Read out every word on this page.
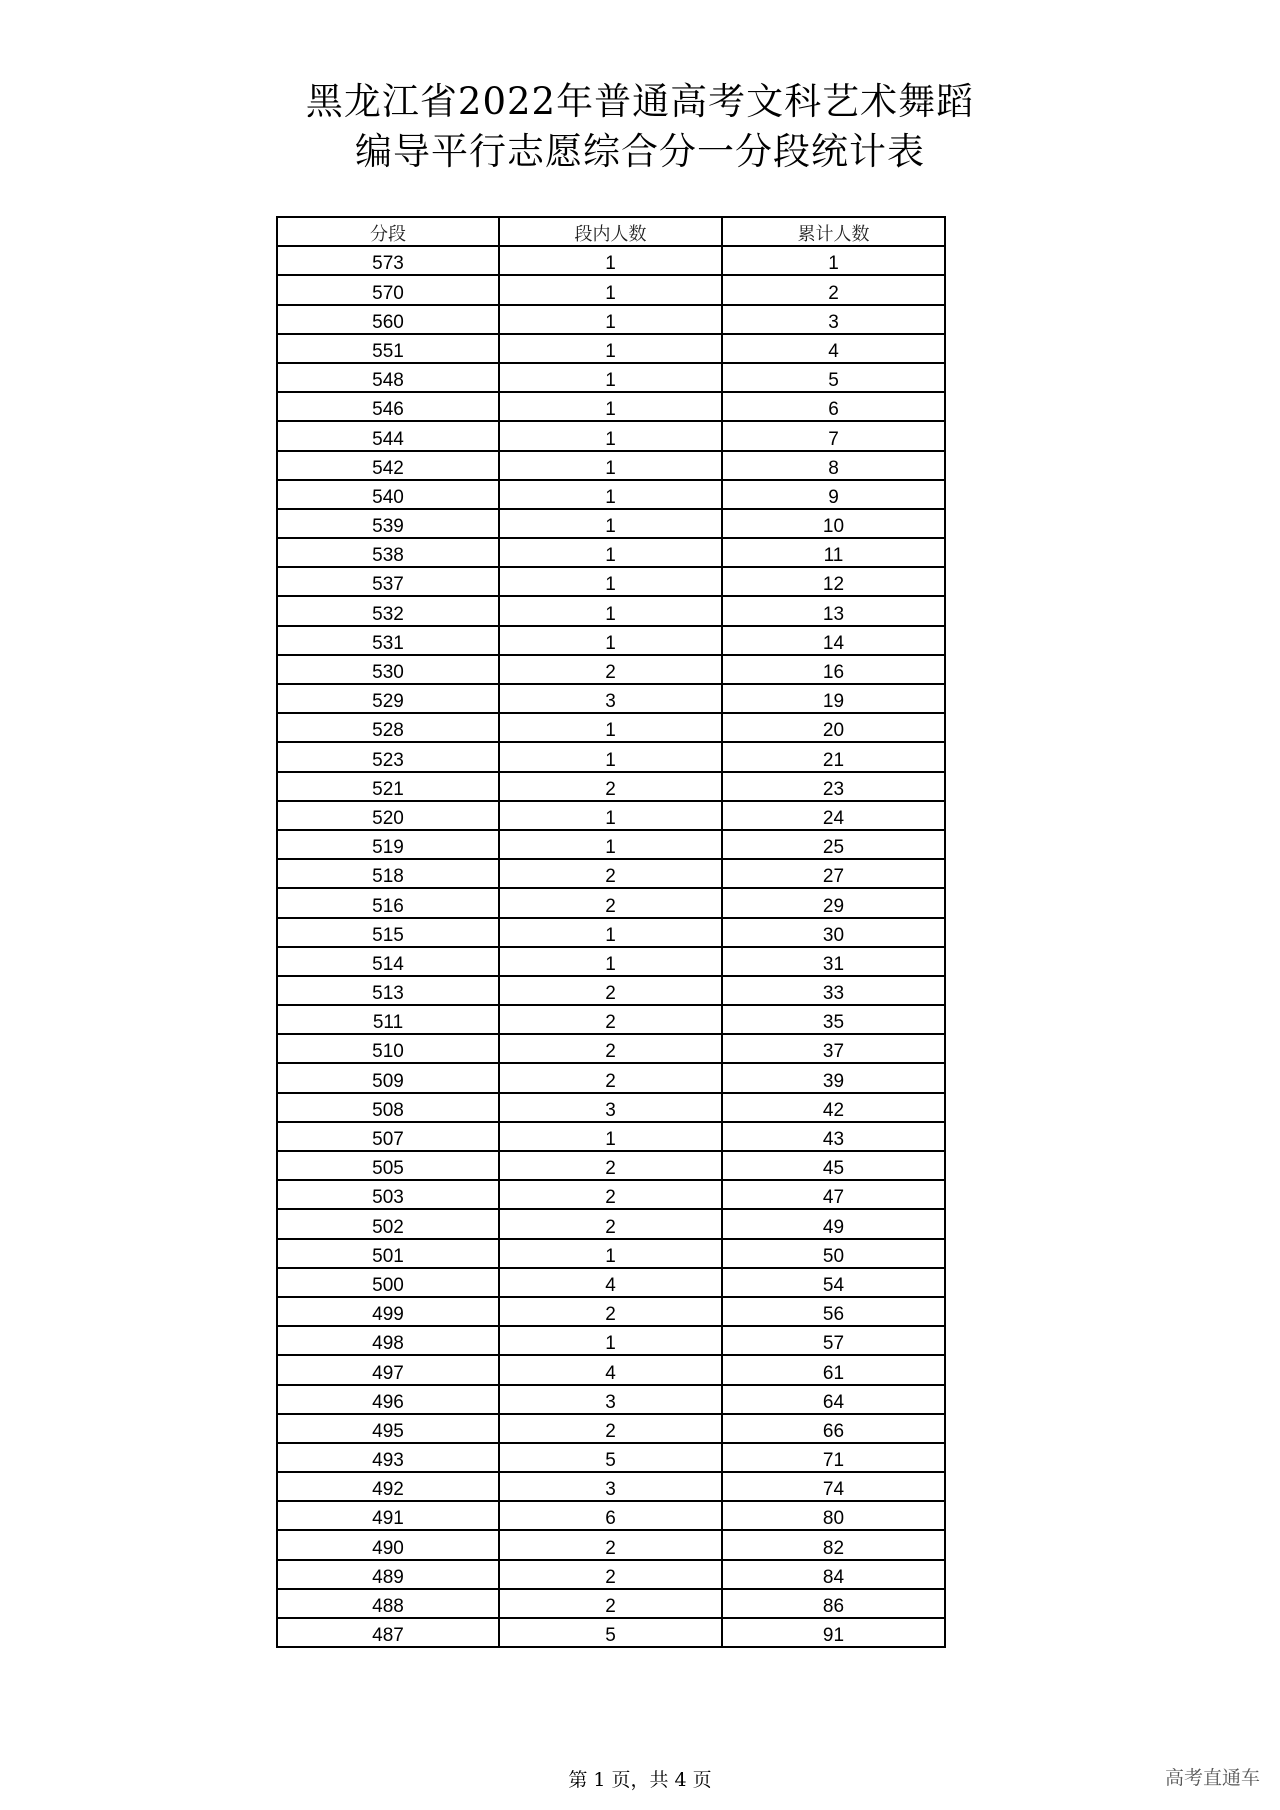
黑龙江省2022年普通高考文科艺术舞蹈
编导平行志愿综合分一分段统计表
分段	段内人数	累计人数
573	1	1
570	1	2
560	1	3
551	1	4
548	1	5
546	1	6
544	1	7
542	1	8
540	1	9
539	1	10
538	1	11
537	1	12
532	1	13
531	1	14
530	2	16
529	3	19
528	1	20
523	1	21
521	2	23
520	1	24
519	1	25
518	2	27
516	2	29
515	1	30
514	1	31
513	2	33
511	2	35
510	2	37
509	2	39
508	3	42
507	1	43
505	2	45
503	2	47
502	2	49
501	1	50
500	4	54
499	2	56
498	1	57
497	4	61
496	3	64
495	2	66
493	5	71
492	3	74
491	6	80
490	2	82
489	2	84
488	2	86
487	5	91
第 1 页，共 4 页	高考直通车
